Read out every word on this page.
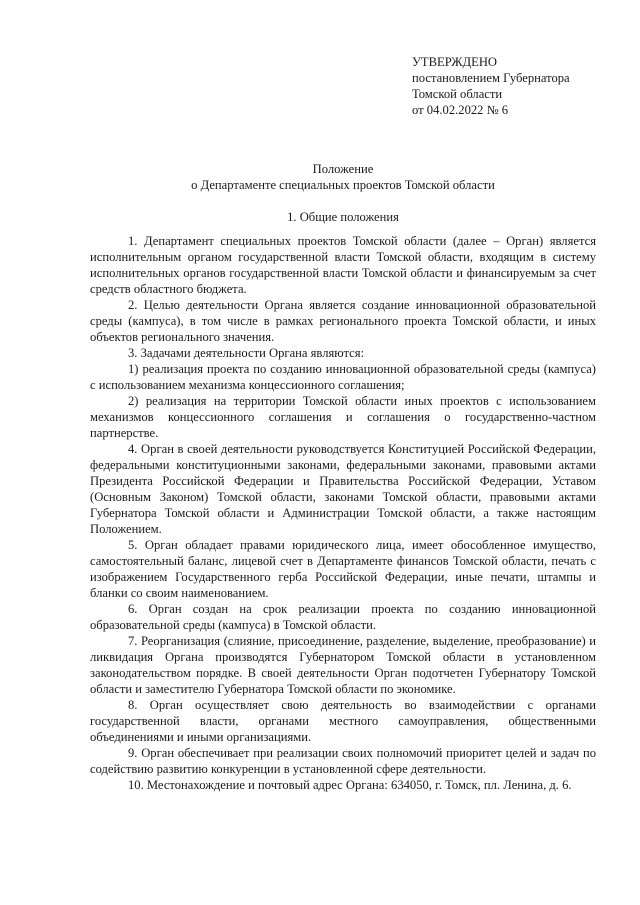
УТВЕРЖДЕНО
постановлением Губернатора
Томской области
от 04.02.2022 № 6
Положение
о Департаменте специальных проектов Томской области
1. Общие положения

1. Департамент специальных проектов Томской области (далее – Орган) является исполнительным органом государственной власти Томской области, входящим в систему исполнительных органов государственной власти Томской области и финансируемым за счет средств областного бюджета.

2. Целью деятельности Органа является создание инновационной образовательной среды (кампуса), в том числе в рамках регионального проекта Томской области, и иных объектов регионального значения.

3. Задачами деятельности Органа являются:

1) реализация проекта по созданию инновационной образовательной среды (кампуса) с использованием механизма концессионного соглашения;

2) реализация на территории Томской области иных проектов с использованием механизмов концессионного соглашения и соглашения о государственно-частном партнерстве.

4. Орган в своей деятельности руководствуется Конституцией Российской Федерации, федеральными конституционными законами, федеральными законами, правовыми актами Президента Российской Федерации и Правительства Российской Федерации, Уставом (Основным Законом) Томской области, законами Томской области, правовыми актами Губернатора Томской области и Администрации Томской области, а также настоящим Положением.

5. Орган обладает правами юридического лица, имеет обособленное имущество, самостоятельный баланс, лицевой счет в Департаменте финансов Томской области, печать с изображением Государственного герба Российской Федерации, иные печати, штампы и бланки со своим наименованием.

6. Орган создан на срок реализации проекта по созданию инновационной образовательной среды (кампуса) в Томской области.

7. Реорганизация (слияние, присоединение, разделение, выделение, преобразование) и ликвидация Органа производятся Губернатором Томской области в установленном законодательством порядке. В своей деятельности Орган подотчетен Губернатору Томской области и заместителю Губернатора Томской области по экономике.

8. Орган осуществляет свою деятельность во взаимодействии с органами государственной власти, органами местного самоуправления, общественными объединениями и иными организациями.

9. Орган обеспечивает при реализации своих полномочий приоритет целей и задач по содействию развитию конкуренции в установленной сфере деятельности.

10. Местонахождение и почтовый адрес Органа: 634050, г. Томск, пл. Ленина, д. 6.
